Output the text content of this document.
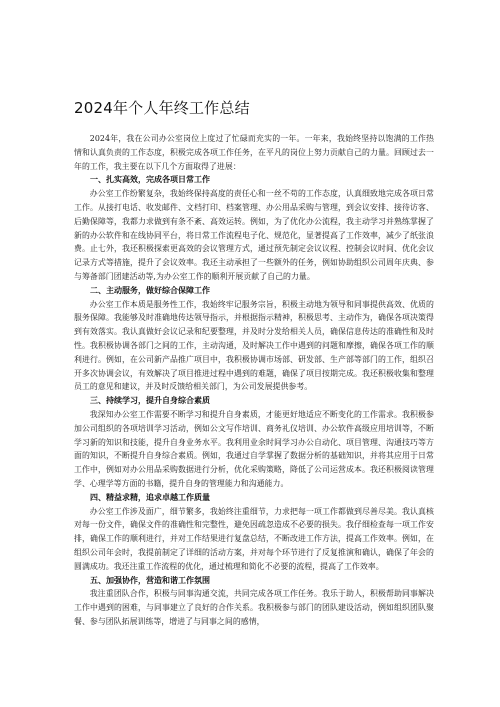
2024年个人年终工作总结

2024年，我在公司办公室岗位上度过了忙碌而充实的一年。一年来，我始终坚持以饱满的工作热情和认真负责的工作态度，积极完成各项工作任务，在平凡的岗位上努力贡献自己的力量。回顾过去一年的工作，我主要在以下几个方面取得了进展：

一、扎实高效，完成各项日常工作

办公室工作纷繁复杂，我始终保持高度的责任心和一丝不苟的工作态度，认真细致地完成各项日常工作。从接打电话、收发邮件、文档打印、档案管理、办公用品采购与管理，到会议安排、接待访客、后勤保障等，我都力求做到有条不紊、高效运转。例如，为了优化办公流程，我主动学习并熟练掌握了新的办公软件和在线协同平台，将日常工作流程电子化、规范化，显著提高了工作效率，减少了纸张浪费。止七外，我还积极探索更高效的会议管理方式，通过预先制定会议议程、控制会议时间、优化会议记录方式等措施，提升了会议效率。我还主动承担了一些额外的任务，例如协助组织公司周年庆典、参与筹备部门团建活动等,为办公室工作的顺利开展贡献了自己的力量。

二、主动服务，做好综合保障工作

办公室工作本质是服务性工作，我始终牢记服务宗旨，积极主动地为领导和同事提供高效、优质的服务保障。我能够及时准确地传达领导指示，并根据指示精神，积极思考、主动作为，确保各项决策得到有效落实。我认真做好会议记录和纪要整理，并及时分发给相关人员，确保信息传达的准确性和及时性。我积极协调各部门之间的工作，主动沟通，及时解决工作中遇到的问题和摩擦，确保各项工作的顺利进行。例如，在公司新产品推广项目中，我积极协调市场部、研发部、生产部等部门的工作，组织召开多次协调会议，有效解决了项目推进过程中遇到的难题，确保了项目按期完成。我还积极收集和整理员工的意见和建议，并及时反馈给相关部门，为公司发展提供参考。

三、持续学习，提升自身综合素质

我深知办公室工作需要不断学习和提升自身素质，才能更好地适应不断变化的工作需求。我积极参加公司组织的各项培训学习活动，例如公文写作培训、商务礼仪培训、办公软件高级应用培训等，不断学习新的知识和技能，提升自身业务水平。我利用业余时间学习办公自动化、项目管理、沟通技巧等方面的知识，不断提升自身综合素质。例如，我通过自学掌握了数据分析的基础知识，并将其应用于日常工作中，例如对办公用品采购数据进行分析，优化采购策略，降低了公司运营成本。我还积极阅读管理学、心理学等方面的书籍，提升自身的管理能力和沟通能力。

四、精益求精，追求卓越工作质量

办公室工作涉及面广，细节繁多，我始终注重细节，力求把每一项工作都做到尽善尽美。我认真核对每一份文件，确保文件的准确性和完整性，避免因疏忽造成不必要的损失。我仔细检查每一项工作安排，确保工作的顺利进行，并对工作结果进行复盘总结，不断改进工作方法，提高工作效率。例如，在组织公司年会时，我提前制定了详细的活动方案，并对每个环节进行了反复推演和确认，确保了年会的圆满成功。我还注重工作流程的优化，通过梳理和简化不必要的流程，提高了工作效率。

五、加强协作，营造和谐工作氛围

我注重团队合作，积极与同事沟通交流，共同完成各项工作任务。我乐于助人，积极帮助同事解决工作中遇到的困难，与同事建立了良好的合作关系。我积极参与部门的团队建设活动，例如组织团队聚餐、参与团队拓展训练等，增进了与同事之间的感情，
